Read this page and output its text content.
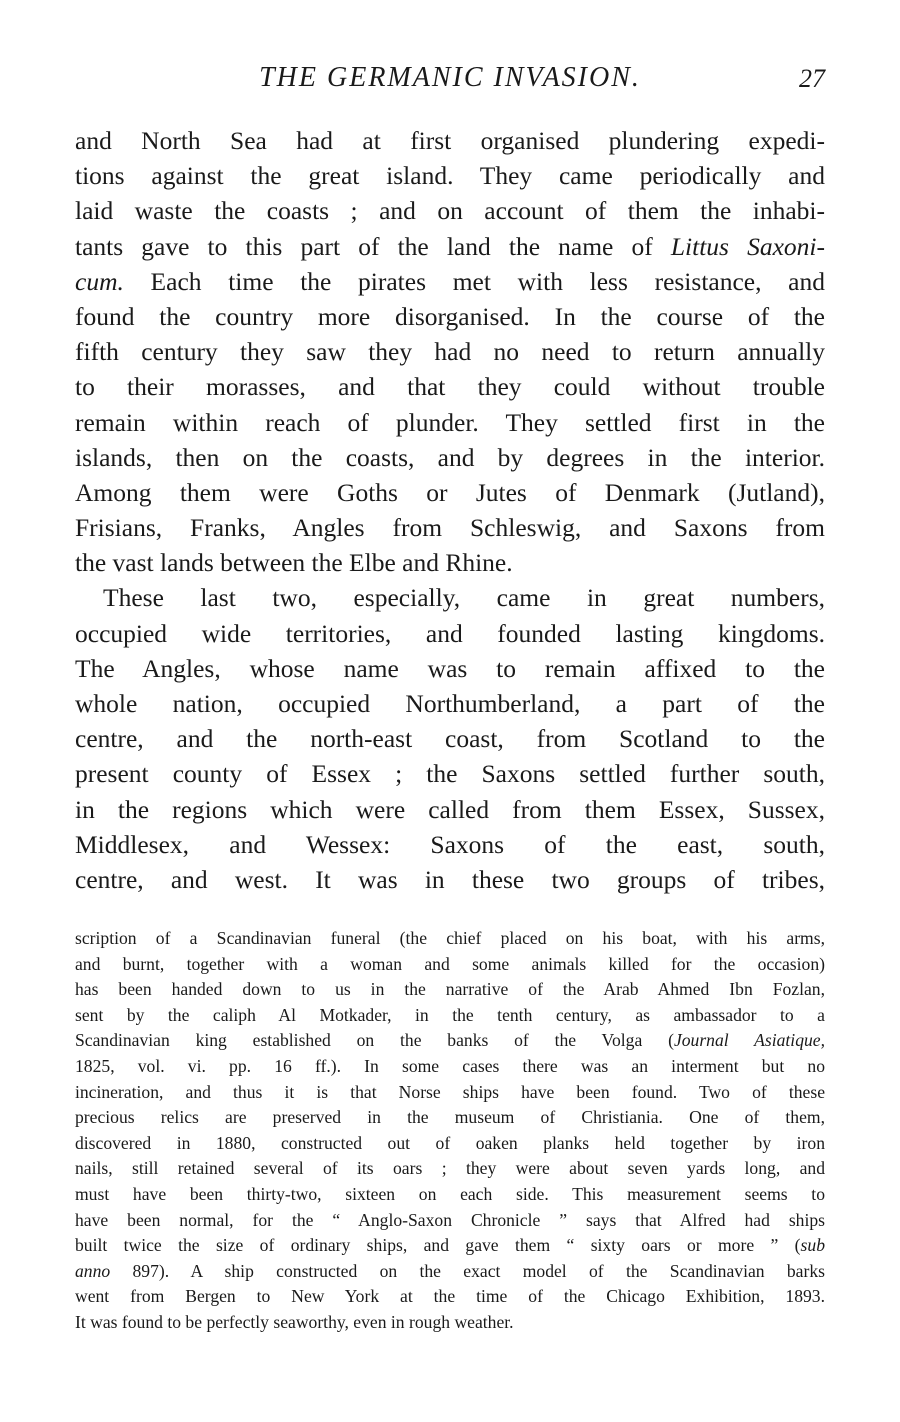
THE GERMANIC INVASION.	27
and North Sea had at first organised plundering expedi-
tions against the great island. They came periodically and
laid waste the coasts ; and on account of them the inhabi-
tants gave to this part of the land the name of Littus Saxoni-
cum. Each time the pirates met with less resistance, and
found the country more disorganised. In the course of the
fifth century they saw they had no need to return annually
to their morasses, and that they could without trouble
remain within reach of plunder. They settled first in the
islands, then on the coasts, and by degrees in the interior.
Among them were Goths or Jutes of Denmark (Jutland),
Frisians, Franks, Angles from Schleswig, and Saxons from
the vast lands between the Elbe and Rhine.
These last two, especially, came in great numbers,
occupied wide territories, and founded lasting kingdoms.
The Angles, whose name was to remain affixed to the
whole nation, occupied Northumberland, a part of the
centre, and the north-east coast, from Scotland to the
present county of Essex ; the Saxons settled further south,
in the regions which were called from them Essex, Sussex,
Middlesex, and Wessex: Saxons of the east, south,
centre, and west. It was in these two groups of tribes,
scription of a Scandinavian funeral (the chief placed on his boat, with his arms,
and burnt, together with a woman and some animals killed for the occasion)
has been handed down to us in the narrative of the Arab Ahmed Ibn Fozlan,
sent by the caliph Al Motkader, in the tenth century, as ambassador to a
Scandinavian king established on the banks of the Volga (Journal Asiatique,
1825, vol. vi. pp. 16 ff.). In some cases there was an interment but no
incineration, and thus it is that Norse ships have been found. Two of these
precious relics are preserved in the museum of Christiania. One of them,
discovered in 1880, constructed out of oaken planks held together by iron
nails, still retained several of its oars ; they were about seven yards long, and
must have been thirty-two, sixteen on each side. This measurement seems to
have been normal, for the “ Anglo-Saxon Chronicle ” says that Alfred had ships
built twice the size of ordinary ships, and gave them “ sixty oars or more ” (sub
anno 897). A ship constructed on the exact model of the Scandinavian barks
went from Bergen to New York at the time of the Chicago Exhibition, 1893.
It was found to be perfectly seaworthy, even in rough weather.
